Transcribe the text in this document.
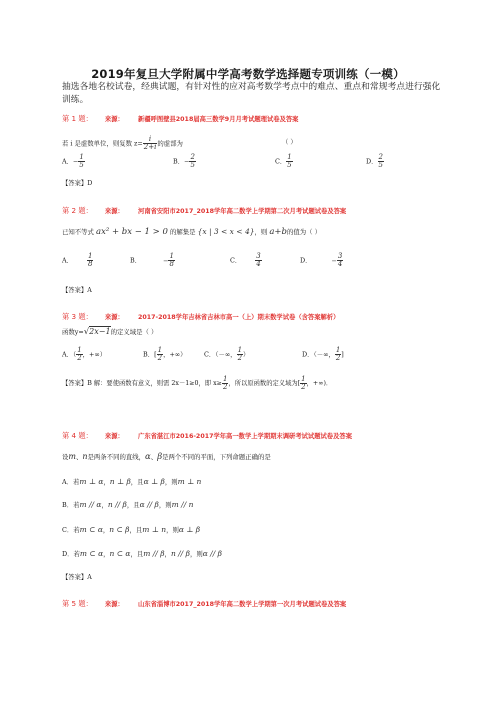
2019年复旦大学附属中学高考数学选择题专项训练（一模）
抽选各地名校试卷，经典试题，有针对性的应对高考数学考点中的难点、重点和常规考点进行强化训练。
第 1 题： 来源： 新疆呼图壁县2018届高三数学9月月考试题理试卷及答案
若 i 是虚数单位，则复数 $z= \frac{i}{2+i}$ 的虚部为	（ ）
A．− $\frac{1}{5}$	B．− $\frac{2}{5}$	C． $\frac{1}{5}$	D． $\frac{2}{5}$
【答案】D
第 2 题： 来源： 河南省安阳市2017_2018学年高二数学上学期第二次月考试题试卷及答案
已知不等式 ax² + bx − 1 > 0 的解集是 {x | 3 < x < 4}，则 a+b的值为（ ）
A． $\frac{1}{8}$	B．	− $\frac{1}{8}$	C． $\frac{3}{4}$	D．	− $\frac{3}{4}$
【答案】A
第 3 题： 来源： 2017-2018学年吉林省吉林市高一（上）期末数学试卷（含答案解析）
函数y=√2x−1的定义域是（ ）
A．（ $\frac{1}{2}$ ，+∞）	B．[ $\frac{1}{2}$ ，+∞）	C．（－∞， $\frac{1}{2}$ ）	D．（－∞， $\frac{1}{2}$ ]
【答案】B 解：要使函数有意义，则需 2x－1≥0，即 $x\ge \frac{1}{2}$ ，所以原函数的定义域为[ $\frac{1}{2}$ ，+∞)．
第 4 题： 来源： 广东省湛江市2016-2017学年高一数学上学期期末调研考试试题试卷及答案
设m、n是两条不同的直线，α、β是两个不同的平面，下列命题正确的是
A．若m ⊥ α，n ⊥ β，且α ⊥ β，则m ⊥ n
B．若m // α，n // β，且α // β，则m // n
C．若m ⊂ α，n ⊂ β，且m ⊥ n，则α ⊥ β
D．若m ⊂ α，n ⊂ α，且m // β，n // β，则α // β
【答案】A
第 5 题： 来源： 山东省淄博市2017_2018学年高二数学上学期第一次月考试题试卷及答案
